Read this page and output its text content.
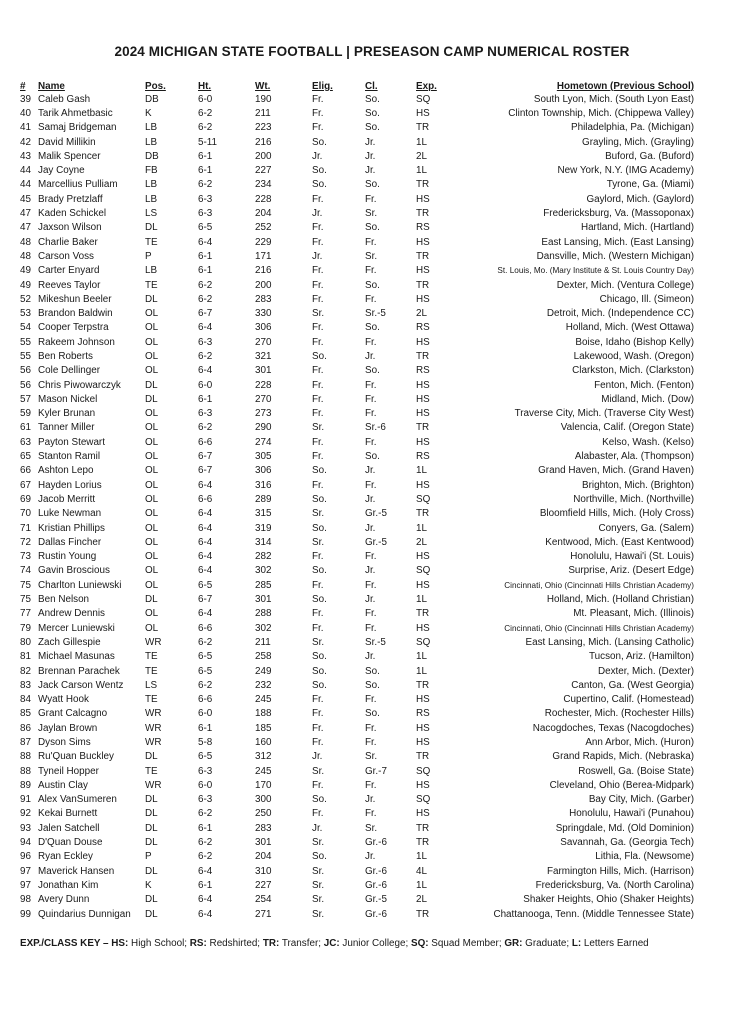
2024 MICHIGAN STATE FOOTBALL | PRESEASON CAMP NUMERICAL ROSTER
#	Name	Pos.	Ht.	Wt.	Elig.	Cl.	Exp.	Hometown (Previous School)
39	Caleb Gash	DB	6-0	190	Fr.	So.	SQ	South Lyon, Mich. (South Lyon East)
40	Tarik Ahmetbasic	K	6-2	211	Fr.	So.	HS	Clinton Township, Mich. (Chippewa Valley)
41	Samaj Bridgeman	LB	6-2	223	Fr.	So.	TR	Philadelphia, Pa. (Michigan)
42	David Millikin	LB	5-11	216	So.	Jr.	1L	Grayling, Mich. (Grayling)
43	Malik Spencer	DB	6-1	200	Jr.	Jr.	2L	Buford, Ga. (Buford)
44	Jay Coyne	FB	6-1	227	So.	Jr.	1L	New York, N.Y. (IMG Academy)
44	Marcellius Pulliam	LB	6-2	234	So.	So.	TR	Tyrone, Ga. (Miami)
45	Brady Pretzlaff	LB	6-3	228	Fr.	Fr.	HS	Gaylord, Mich. (Gaylord)
47	Kaden Schickel	LS	6-3	204	Jr.	Sr.	TR	Fredericksburg, Va. (Massoponax)
47	Jaxson Wilson	DL	6-5	252	Fr.	So.	RS	Hartland, Mich. (Hartland)
48	Charlie Baker	TE	6-4	229	Fr.	Fr.	HS	East Lansing, Mich. (East Lansing)
48	Carson Voss	P	6-1	171	Jr.	Sr.	TR	Dansville, Mich. (Western Michigan)
49	Carter Enyard	LB	6-1	216	Fr.	Fr.	HS	St. Louis, Mo. (Mary Institute & St. Louis Country Day)
49	Reeves Taylor	TE	6-2	200	Fr.	So.	TR	Dexter, Mich. (Ventura College)
52	Mikeshun Beeler	DL	6-2	283	Fr.	Fr.	HS	Chicago, Ill. (Simeon)
53	Brandon Baldwin	OL	6-7	330	Sr.	Sr.-5	2L	Detroit, Mich. (Independence CC)
54	Cooper Terpstra	OL	6-4	306	Fr.	So.	RS	Holland, Mich. (West Ottawa)
55	Rakeem Johnson	OL	6-3	270	Fr.	Fr.	HS	Boise, Idaho (Bishop Kelly)
55	Ben Roberts	OL	6-2	321	So.	Jr.	TR	Lakewood, Wash. (Oregon)
56	Cole Dellinger	OL	6-4	301	Fr.	So.	RS	Clarkston, Mich. (Clarkston)
56	Chris Piwowarczyk	DL	6-0	228	Fr.	Fr.	HS	Fenton, Mich. (Fenton)
57	Mason Nickel	DL	6-1	270	Fr.	Fr.	HS	Midland, Mich. (Dow)
59	Kyler Brunan	OL	6-3	273	Fr.	Fr.	HS	Traverse City, Mich. (Traverse City West)
61	Tanner Miller	OL	6-2	290	Sr.	Sr.-6	TR	Valencia, Calif. (Oregon State)
63	Payton Stewart	OL	6-6	274	Fr.	Fr.	HS	Kelso, Wash. (Kelso)
65	Stanton Ramil	OL	6-7	305	Fr.	So.	RS	Alabaster, Ala. (Thompson)
66	Ashton Lepo	OL	6-7	306	So.	Jr.	1L	Grand Haven, Mich. (Grand Haven)
67	Hayden Lorius	OL	6-4	316	Fr.	Fr.	HS	Brighton, Mich. (Brighton)
69	Jacob Merritt	OL	6-6	289	So.	Jr.	SQ	Northville, Mich. (Northville)
70	Luke Newman	OL	6-4	315	Sr.	Gr.-5	TR	Bloomfield Hills, Mich. (Holy Cross)
71	Kristian Phillips	OL	6-4	319	So.	Jr.	1L	Conyers, Ga. (Salem)
72	Dallas Fincher	OL	6-4	314	Sr.	Gr.-5	2L	Kentwood, Mich. (East Kentwood)
73	Rustin Young	OL	6-4	282	Fr.	Fr.	HS	Honolulu, Hawai'i (St. Louis)
74	Gavin Broscious	OL	6-4	302	So.	Jr.	SQ	Surprise, Ariz. (Desert Edge)
75	Charlton Luniewski	OL	6-5	285	Fr.	Fr.	HS	Cincinnati, Ohio (Cincinnati Hills Christian Academy)
75	Ben Nelson	DL	6-7	301	So.	Jr.	1L	Holland, Mich. (Holland Christian)
77	Andrew Dennis	OL	6-4	288	Fr.	Fr.	TR	Mt. Pleasant, Mich. (Illinois)
79	Mercer Luniewski	OL	6-6	302	Fr.	Fr.	HS	Cincinnati, Ohio (Cincinnati Hills Christian Academy)
80	Zach Gillespie	WR	6-2	211	Sr.	Sr.-5	SQ	East Lansing, Mich. (Lansing Catholic)
81	Michael Masunas	TE	6-5	258	So.	Jr.	1L	Tucson, Ariz. (Hamilton)
82	Brennan Parachek	TE	6-5	249	So.	So.	1L	Dexter, Mich. (Dexter)
83	Jack Carson Wentz	LS	6-2	232	So.	So.	TR	Canton, Ga. (West Georgia)
84	Wyatt Hook	TE	6-6	245	Fr.	Fr.	HS	Cupertino, Calif. (Homestead)
85	Grant Calcagno	WR	6-0	188	Fr.	So.	RS	Rochester, Mich. (Rochester Hills)
86	Jaylan Brown	WR	6-1	185	Fr.	Fr.	HS	Nacogdoches, Texas (Nacogdoches)
87	Dyson Sims	WR	5-8	160	Fr.	Fr.	HS	Ann Arbor, Mich. (Huron)
88	Ru'Quan Buckley	DL	6-5	312	Jr.	Sr.	TR	Grand Rapids, Mich. (Nebraska)
88	Tyneil Hopper	TE	6-3	245	Sr.	Gr.-7	SQ	Roswell, Ga. (Boise State)
89	Austin Clay	WR	6-0	170	Fr.	Fr.	HS	Cleveland, Ohio (Berea-Midpark)
91	Alex VanSumeren	DL	6-3	300	So.	Jr.	SQ	Bay City, Mich. (Garber)
92	Kekai Burnett	DL	6-2	250	Fr.	Fr.	HS	Honolulu, Hawai'i (Punahou)
93	Jalen Satchell	DL	6-1	283	Jr.	Sr.	TR	Springdale, Md. (Old Dominion)
94	D'Quan Douse	DL	6-2	301	Sr.	Gr.-6	TR	Savannah, Ga. (Georgia Tech)
96	Ryan Eckley	P	6-2	204	So.	Jr.	1L	Lithia, Fla. (Newsome)
97	Maverick Hansen	DL	6-4	310	Sr.	Gr.-6	4L	Farmington Hills, Mich. (Harrison)
97	Jonathan Kim	K	6-1	227	Sr.	Gr.-6	1L	Fredericksburg, Va. (North Carolina)
98	Avery Dunn	DL	6-4	254	Sr.	Gr.-5	2L	Shaker Heights, Ohio (Shaker Heights)
99	Quindarius Dunnigan	DL	6-4	271	Sr.	Gr.-6	TR	Chattanooga, Tenn. (Middle Tennessee State)
EXP./CLASS KEY – HS: High School; RS: Redshirted; TR: Transfer; JC: Junior College; SQ: Squad Member; GR: Graduate; L: Letters Earned
